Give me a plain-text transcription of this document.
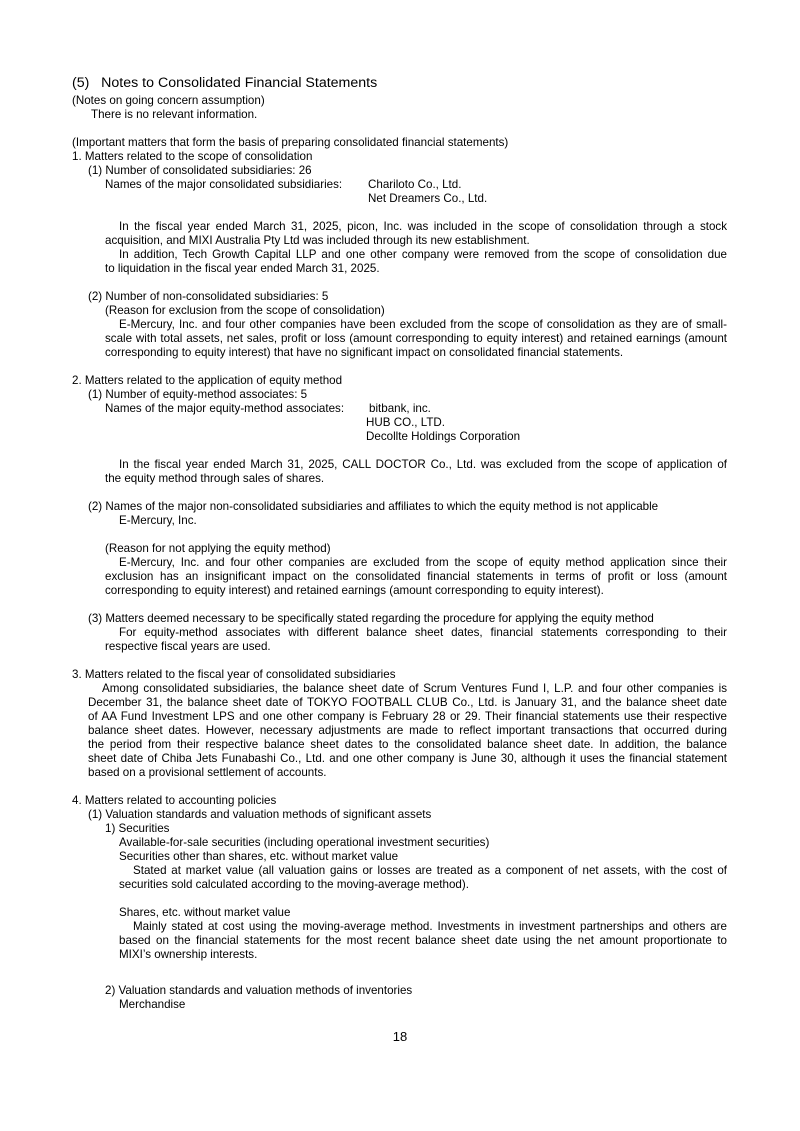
(5)   Notes to Consolidated Financial Statements

(Notes on going concern assumption)

There is no relevant information.

(Important matters that form the basis of preparing consolidated financial statements)

1. Matters related to the scope of consolidation

(1) Number of consolidated subsidiaries: 26

Names of the major consolidated subsidiaries: Chariloto Co., Ltd.

Net Dreamers Co., Ltd.

In the fiscal year ended March 31, 2025, picon, Inc. was included in the scope of consolidation through a stock

acquisition, and MIXI Australia Pty Ltd was included through its new establishment.

In addition, Tech Growth Capital LLP and one other company were removed from the scope of consolidation due

to liquidation in the fiscal year ended March 31, 2025.

(2) Number of non-consolidated subsidiaries: 5

(Reason for exclusion from the scope of consolidation)

E-Mercury, Inc. and four other companies have been excluded from the scope of consolidation as they are of small-

scale with total assets, net sales, profit or loss (amount corresponding to equity interest) and retained earnings (amount

corresponding to equity interest) that have no significant impact on consolidated financial statements.

2. Matters related to the application of equity method

(1) Number of equity-method associates: 5

Names of the major equity-method associates: bitbank, inc.

HUB CO., LTD.

Decollte Holdings Corporation

In the fiscal year ended March 31, 2025, CALL DOCTOR Co., Ltd. was excluded from the scope of application of

the equity method through sales of shares.

(2) Names of the major non-consolidated subsidiaries and affiliates to which the equity method is not applicable

E-Mercury, Inc.

(Reason for not applying the equity method)

E-Mercury, Inc. and four other companies are excluded from the scope of equity method application since their

exclusion has an insignificant impact on the consolidated financial statements in terms of profit or loss (amount

corresponding to equity interest) and retained earnings (amount corresponding to equity interest).

(3) Matters deemed necessary to be specifically stated regarding the procedure for applying the equity method

For equity-method associates with different balance sheet dates, financial statements corresponding to their

respective fiscal years are used.

3. Matters related to the fiscal year of consolidated subsidiaries

Among consolidated subsidiaries, the balance sheet date of Scrum Ventures Fund I, L.P. and four other companies is

December 31, the balance sheet date of TOKYO FOOTBALL CLUB Co., Ltd. is January 31, and the balance sheet date

of AA Fund Investment LPS and one other company is February 28 or 29. Their financial statements use their respective

balance sheet dates. However, necessary adjustments are made to reflect important transactions that occurred during

the period from their respective balance sheet dates to the consolidated balance sheet date. In addition, the balance

sheet date of Chiba Jets Funabashi Co., Ltd. and one other company is June 30, although it uses the financial statement

based on a provisional settlement of accounts.

4. Matters related to accounting policies

(1) Valuation standards and valuation methods of significant assets

1) Securities

Available-for-sale securities (including operational investment securities)

Securities other than shares, etc. without market value

Stated at market value (all valuation gains or losses are treated as a component of net assets, with the cost of

securities sold calculated according to the moving-average method).

Shares, etc. without market value

Mainly stated at cost using the moving-average method. Investments in investment partnerships and others are

based on the financial statements for the most recent balance sheet date using the net amount proportionate to

MIXI’s ownership interests.

2) Valuation standards and valuation methods of inventories

Merchandise

18
